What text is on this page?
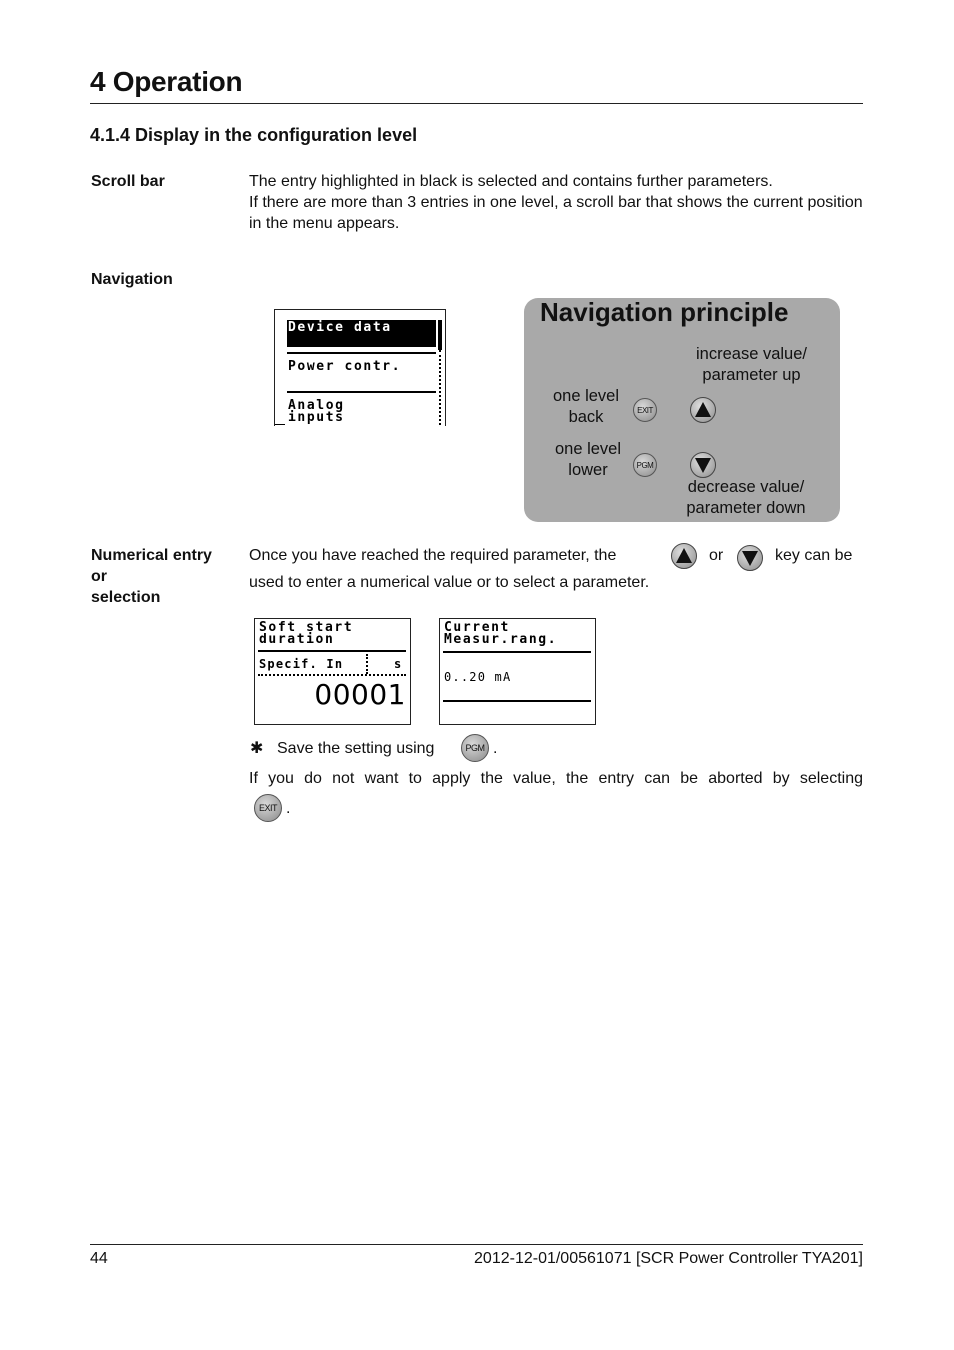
4 Operation
4.1.4 Display in the configuration level
Scroll bar	The entry highlighted in black is selected and contains further parameters.
If there are more than 3 entries in one level, a scroll bar that shows the current position in the menu appears.
Navigation
Device data
Power contr.
Analog
inputs
Navigation principle
increase value/
parameter up
one level
back
one level
lower
decrease value/
parameter down
EXIT
PGM
Numerical entry
or
selection
Once you have reached the required parameter, the	or	key can be
used to enter a numerical value or to select a parameter.
Soft start
duration
Specif. In	s
00001
Current
Measur.rang.
0..20 mA
✱ Save the setting using	PGM .
If you do not want to apply the value, the entry can be aborted by selecting
EXIT .
44	2012-12-01/00561071 [SCR Power Controller TYA201]
